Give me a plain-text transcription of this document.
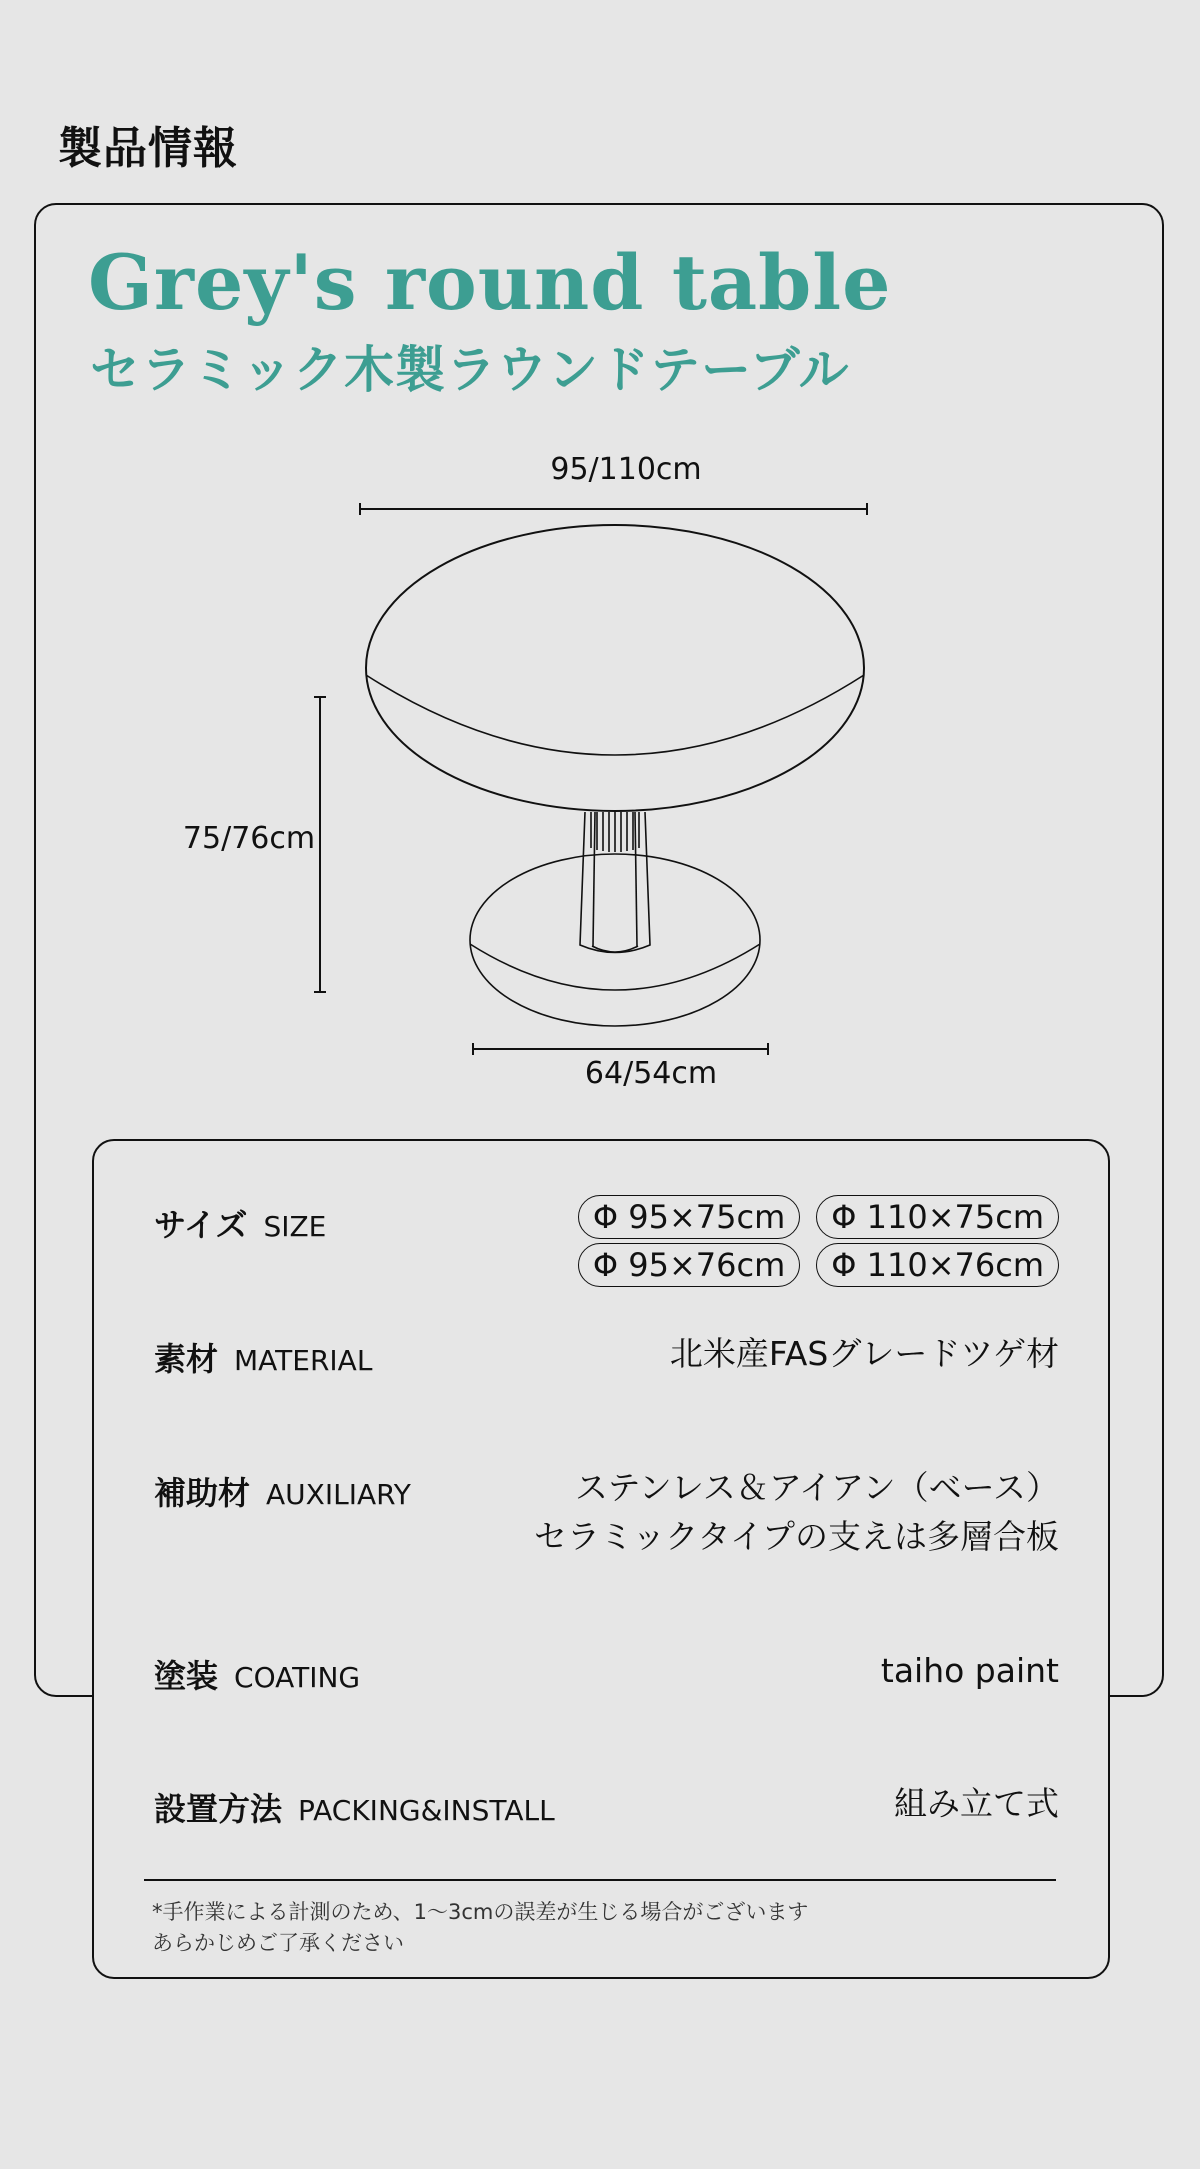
製品情報
Grey's round table
セラミック木製ラウンドテーブル
95/110cm
75/76cm
64/54cm
サイズ SIZE	Φ 95×75cm	Φ 110×75cm
Φ 95×76cm	Φ 110×76cm
素材 MATERIAL	北米産FASグレードツゲ材
補助材 AUXILIARY	ステンレス＆アイアン（ベース）
セラミックタイプの支えは多層合板
塗装 COATING	taiho paint
設置方法 PACKING&INSTALL	組み立て式
*手作業による計測のため、1～3cmの誤差が生じる場合がございます
あらかじめご了承ください
